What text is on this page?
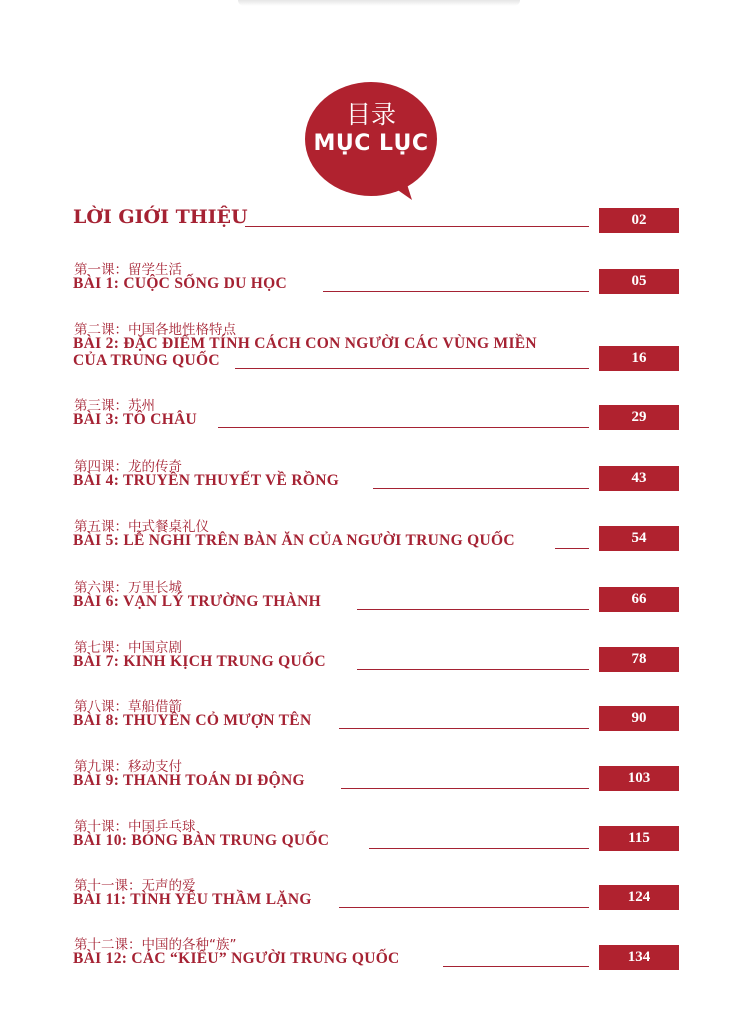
目录
MỤC LỤC
LỜI GIỚI THIỆU	02
第一课：留学生活
BÀI 1: CUỘC SỐNG DU HỌC	05
第二课：中国各地性格特点
BÀI 2: ĐẶC ĐIỂM TÍNH CÁCH CON NGƯỜI CÁC VÙNG MIỀN
CỦA TRUNG QUỐC	16
第三课：苏州
BÀI 3: TÔ CHÂU	29
第四课：龙的传奇
BÀI 4: TRUYỀN THUYẾT VỀ RỒNG	43
第五课：中式餐桌礼仪
BÀI 5: LỄ NGHI TRÊN BÀN ĂN CỦA NGƯỜI TRUNG QUỐC	54
第六课：万里长城
BÀI 6: VẠN LÝ TRƯỜNG THÀNH	66
第七课：中国京剧
BÀI 7: KINH KỊCH TRUNG QUỐC	78
第八课：草船借箭
BÀI 8: THUYỀN CỎ MƯỢN TÊN	90
第九课：移动支付
BÀI 9: THANH TOÁN DI ĐỘNG	103
第十课：中国乒乓球
BÀI 10: BÓNG BÀN TRUNG QUỐC	115
第十一课：无声的爱
BÀI 11: TÌNH YÊU THẦM LẶNG	124
第十二课：中国的各种“族”
BÀI 12: CÁC “KIỂU” NGƯỜI TRUNG QUỐC	134
